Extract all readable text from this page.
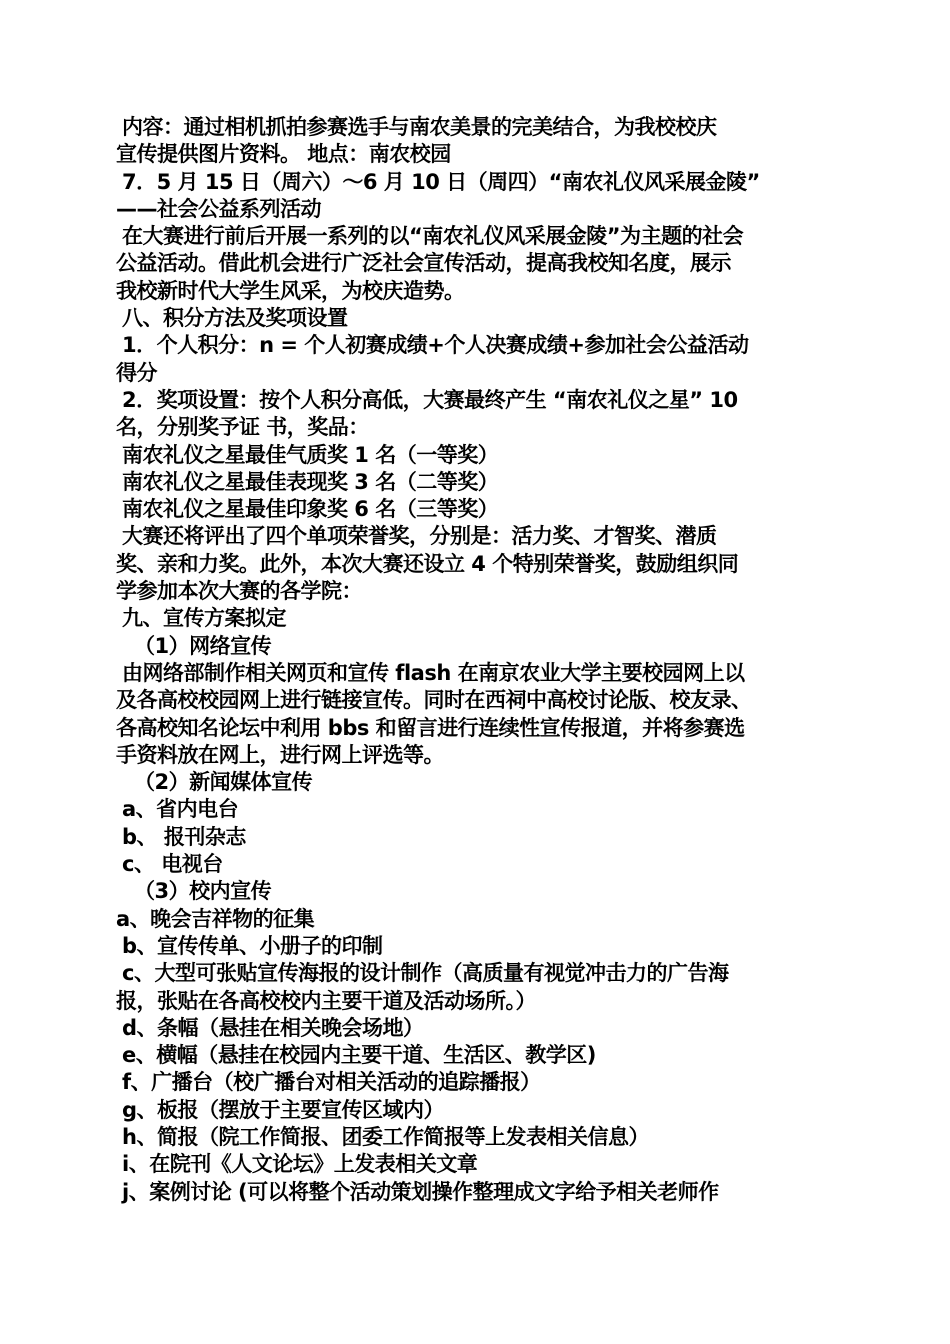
内容：通过相机抓拍参赛选手与南农美景的完美结合，为我校校庆
宣传提供图片资料。 地点：南农校园
7．5 月 15 日（周六）～6 月 10 日（周四）“南农礼仪风采展金陵”
——社会公益系列活动
在大赛进行前后开展一系列的以“南农礼仪风采展金陵”为主题的社会
公益活动。借此机会进行广泛社会宣传活动，提高我校知名度，展示
我校新时代大学生风采，为校庆造势。
八、积分方法及奖项设置
1．个人积分：n = 个人初赛成绩+个人决赛成绩+参加社会公益活动
得分
2．奖项设置：按个人积分高低，大赛最终产生 “南农礼仪之星” 10
名，分别奖予证 书，奖品：
南农礼仪之星最佳气质奖 1 名（一等奖）
南农礼仪之星最佳表现奖 3 名（二等奖）
南农礼仪之星最佳印象奖 6 名（三等奖）
大赛还将评出了四个单项荣誉奖，分别是：活力奖、才智奖、潜质
奖、亲和力奖。此外，本次大赛还设立 4 个特别荣誉奖，鼓励组织同
学参加本次大赛的各学院：
九、宣传方案拟定
（1）网络宣传
由网络部制作相关网页和宣传 flash 在南京农业大学主要校园网上以
及各高校校园网上进行链接宣传。同时在西祠中高校讨论版、校友录、
各高校知名论坛中利用 bbs 和留言进行连续性宣传报道，并将参赛选
手资料放在网上，进行网上评选等。
（2）新闻媒体宣传
a、省内电台
b、 报刊杂志
c、 电视台
（3）校内宣传
a、晚会吉祥物的征集
b、宣传传单、小册子的印制
c、大型可张贴宣传海报的设计制作（高质量有视觉冲击力的广告海
报，张贴在各高校校内主要干道及活动场所。）
d、条幅（悬挂在相关晚会场地）
e、横幅（悬挂在校园内主要干道、生活区、教学区)
f、广播台（校广播台对相关活动的追踪播报）
g、板报（摆放于主要宣传区域内）
h、简报（院工作简报、团委工作简报等上发表相关信息）
i、在院刊《人文论坛》上发表相关文章
j、案例讨论 (可以将整个活动策划操作整理成文字给予相关老师作
